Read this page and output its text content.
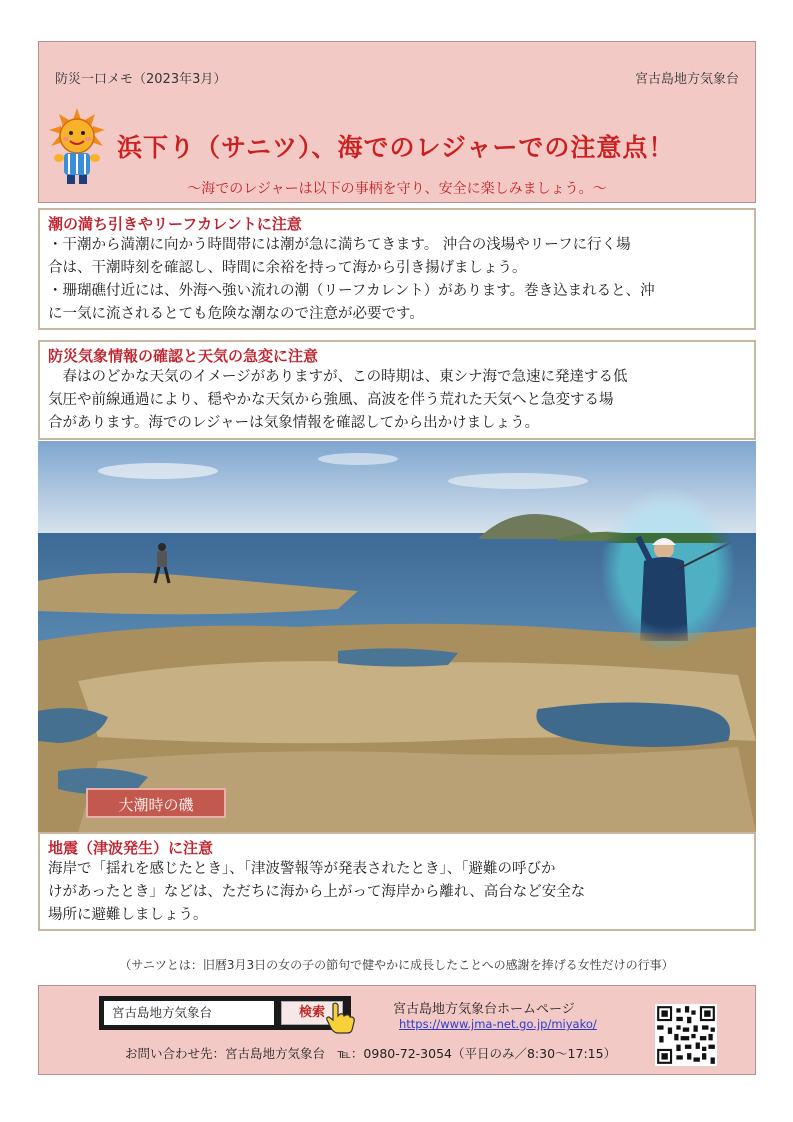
防災一口メモ（2023年3月）	宮古島地方気象台
浜下り（サニツ）、海でのレジャーでの注意点！
～海でのレジャーは以下の事柄を守り、安全に楽しみましょう。～
潮の満ち引きやリーフカレントに注意
・干潮から満潮に向かう時間帯には潮が急に満ちてきます。 沖合の浅場やリーフに行く場
合は、干潮時刻を確認し、時間に余裕を持って海から引き揚げましょう。
・珊瑚礁付近には、外海へ強い流れの潮（リーフカレント）があります。巻き込まれると、沖
に一気に流されるとても危険な潮なので注意が必要です。
防災気象情報の確認と天気の急変に注意
　春はのどかな天気のイメージがありますが、この時期は、東シナ海で急速に発達する低
気圧や前線通過により、穏やかな天気から強風、高波を伴う荒れた天気へと急変する場
合があります。海でのレジャーは気象情報を確認してから出かけましょう。
大潮時の磯
地震（津波発生）に注意
海岸で「揺れを感じたとき」、「津波警報等が発表されたとき」、「避難の呼びか
けがあったとき」などは、ただちに海から上がって海岸から離れ、高台など安全な
場所に避難しましょう。
（サニツとは：旧暦3月3日の女の子の節句で健やかに成長したことへの感謝を捧げる女性だけの行事）
宮古島地方気象台	検索	宮古島地方気象台ホームページ
https://www.jma-net.go.jp/miyako/
お問い合わせ先：宮古島地方気象台　℡：0980-72-3054（平日のみ／8:30～17:15）
